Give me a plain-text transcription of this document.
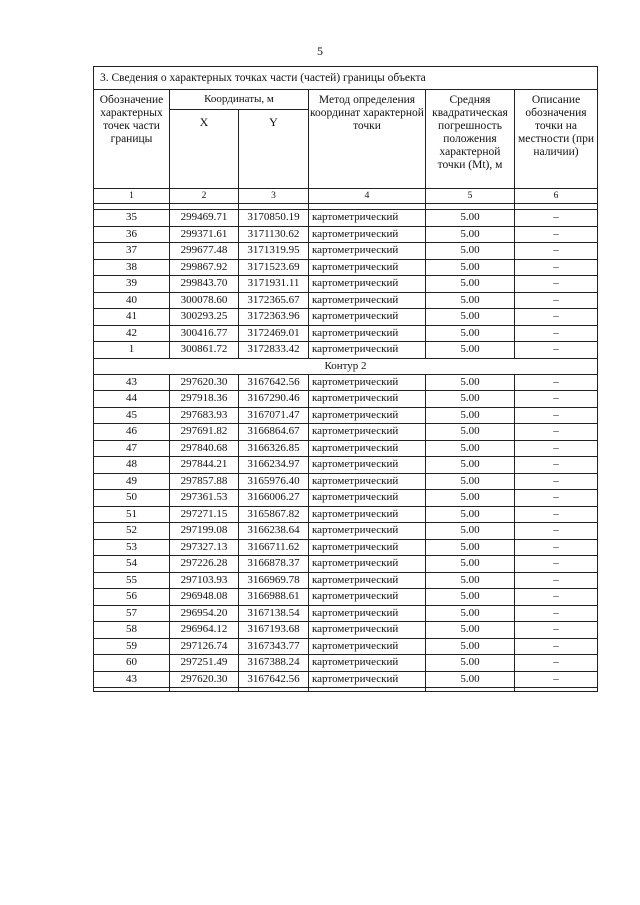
5
3. Сведения о характерных точках части (частей) границы объекта					
Обозначение характерных точек части границы	Координаты, м		Метод определения координат характерной точки	Средняя квадратическая погрешность положения характерной точки (Mt), м	Описание обозначения точки на местности (при наличии)
	X	Y			
1	2	3	4	5	6

35	299469.71	3170850.19	картометрический	5.00	–
36	299371.61	3171130.62	картометрический	5.00	–
37	299677.48	3171319.95	картометрический	5.00	–
38	299867.92	3171523.69	картометрический	5.00	–
39	299843.70	3171931.11	картометрический	5.00	–
40	300078.60	3172365.67	картометрический	5.00	–
41	300293.25	3172363.96	картометрический	5.00	–
42	300416.77	3172469.01	картометрический	5.00	–
1	300861.72	3172833.42	картометрический	5.00	–
Контур 2					
43	297620.30	3167642.56	картометрический	5.00	–
44	297918.36	3167290.46	картометрический	5.00	–
45	297683.93	3167071.47	картометрический	5.00	–
46	297691.82	3166864.67	картометрический	5.00	–
47	297840.68	3166326.85	картометрический	5.00	–
48	297844.21	3166234.97	картометрический	5.00	–
49	297857.88	3165976.40	картометрический	5.00	–
50	297361.53	3166006.27	картометрический	5.00	–
51	297271.15	3165867.82	картометрический	5.00	–
52	297199.08	3166238.64	картометрический	5.00	–
53	297327.13	3166711.62	картометрический	5.00	–
54	297226.28	3166878.37	картометрический	5.00	–
55	297103.93	3166969.78	картометрический	5.00	–
56	296948.08	3166988.61	картометрический	5.00	–
57	296954.20	3167138.54	картометрический	5.00	–
58	296964.12	3167193.68	картометрический	5.00	–
59	297126.74	3167343.77	картометрический	5.00	–
60	297251.49	3167388.24	картометрический	5.00	–
43	297620.30	3167642.56	картометрический	5.00	–
